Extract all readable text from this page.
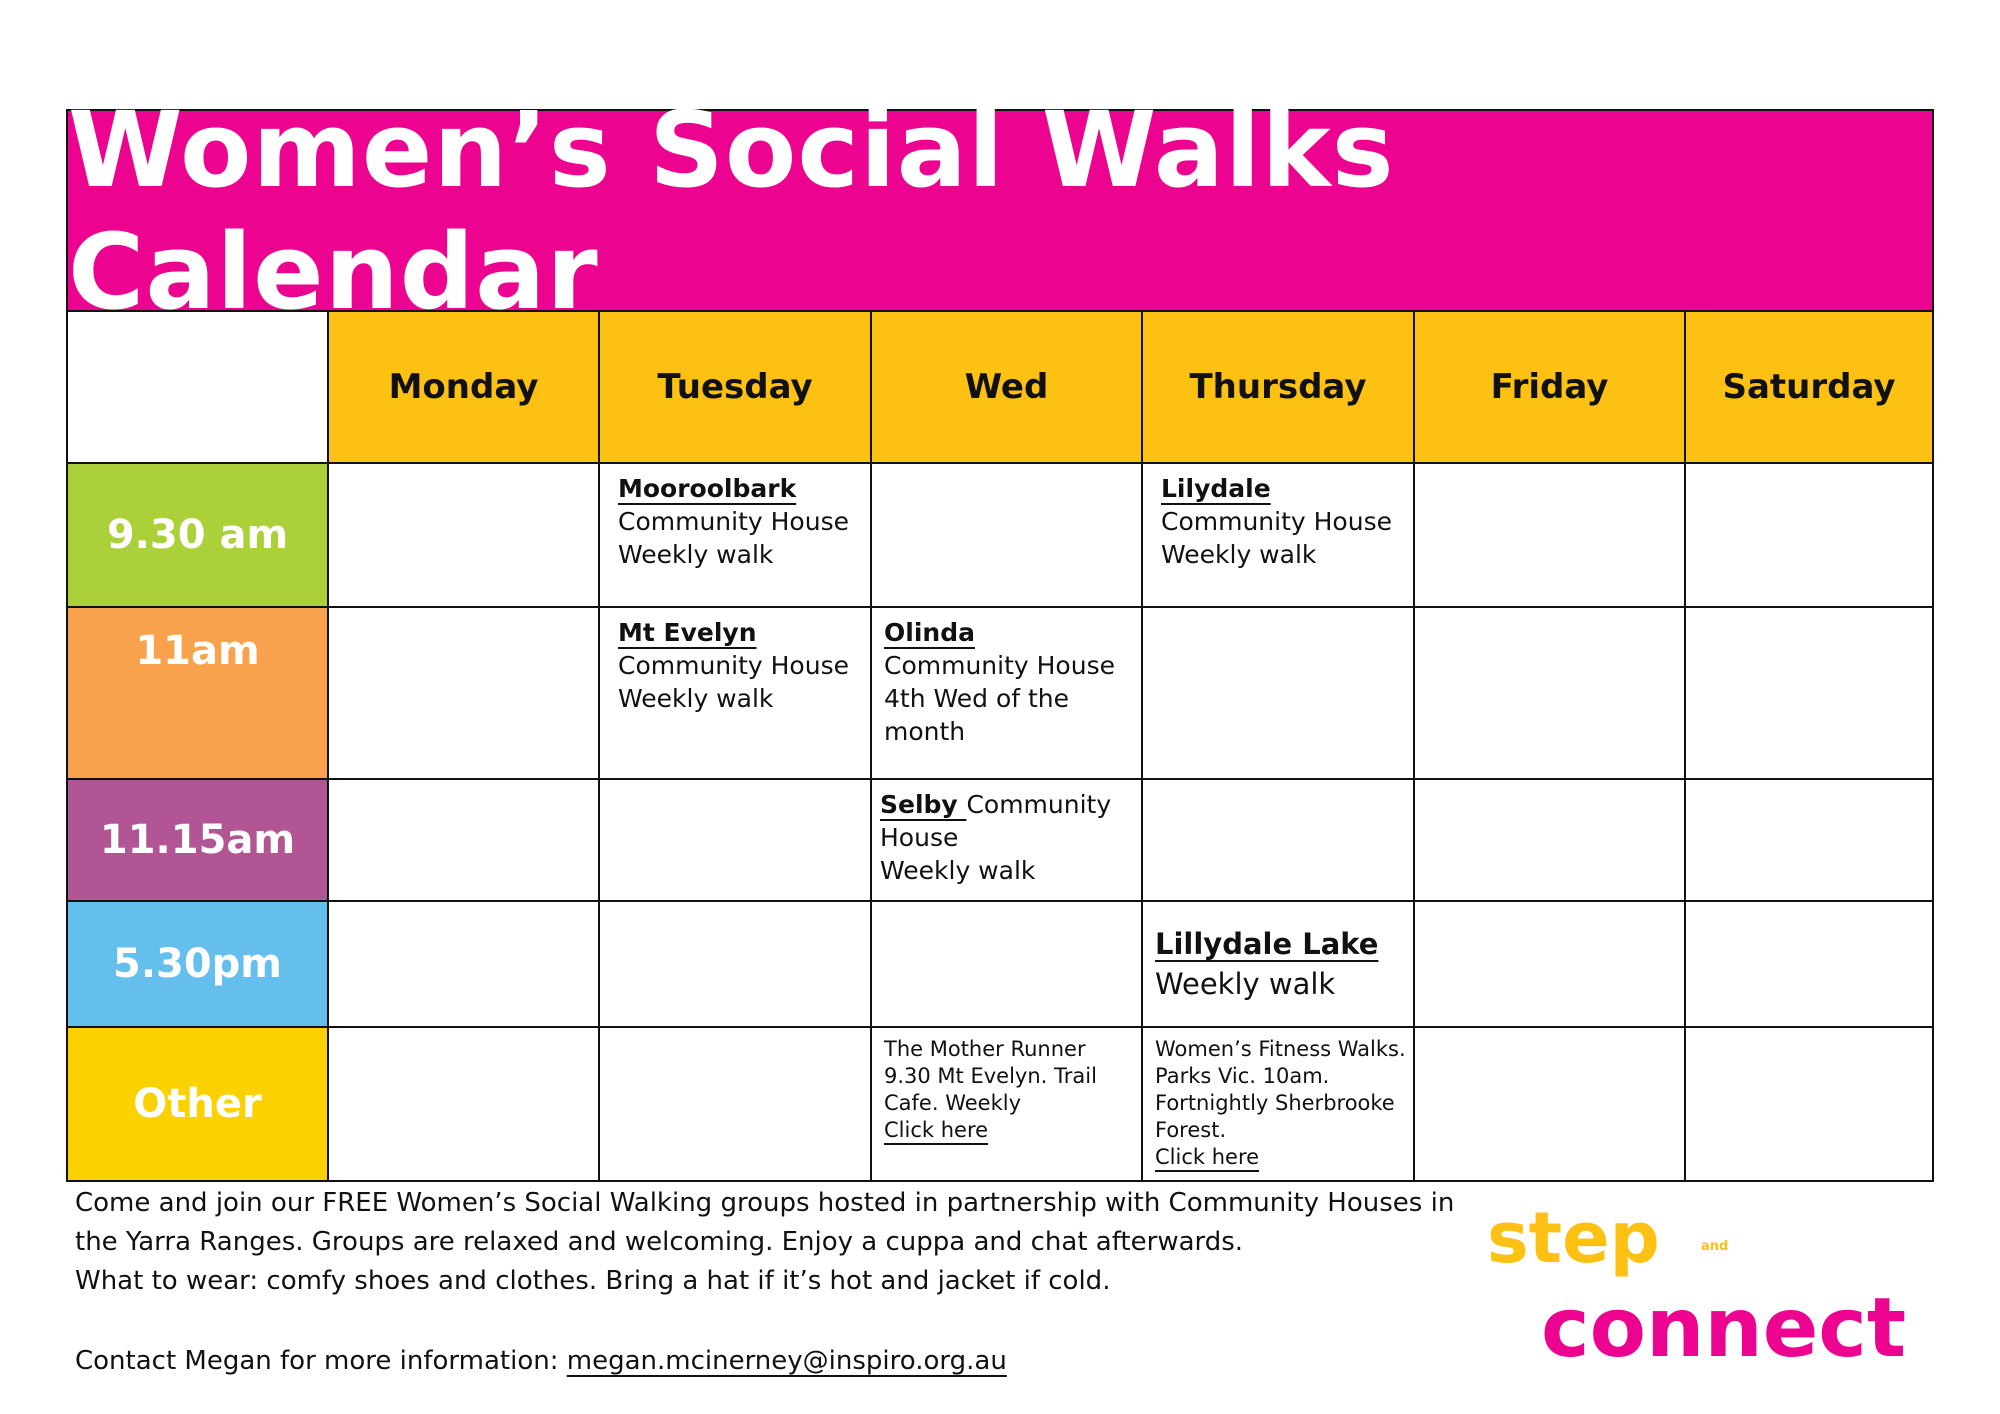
Women’s Social Walks Calendar
	Monday	Tuesday	Wed	Thursday	Friday	Saturday
9.30 am		Mooroolbark
Community House
Weekly walk		Lilydale
Community House
Weekly walk		

11am		Mt Evelyn
Community House
Weekly walk	Olinda Community House
4th Wed of the month			

11.15am			Selby Community House
Weekly walk			

5.30pm				Lillydale Lake
Weekly walk		

Other			The Mother Runner 9.30 Mt Evelyn. Trail Cafe. Weekly
Click here	Women’s Fitness Walks. Parks Vic. 10am. Fortnightly Sherbrooke Forest.
Click here		

Come and join our FREE Women’s Social Walking groups hosted in partnership with Community Houses in the Yarra Ranges. Groups are relaxed and welcoming. Enjoy a cuppa and chat afterwards.

What to wear: comfy shoes and clothes. Bring a hat if it’s hot and jacket if cold.

Contact Megan for more information: megan.mcinerney@inspiro.org.au

step	and
connect
